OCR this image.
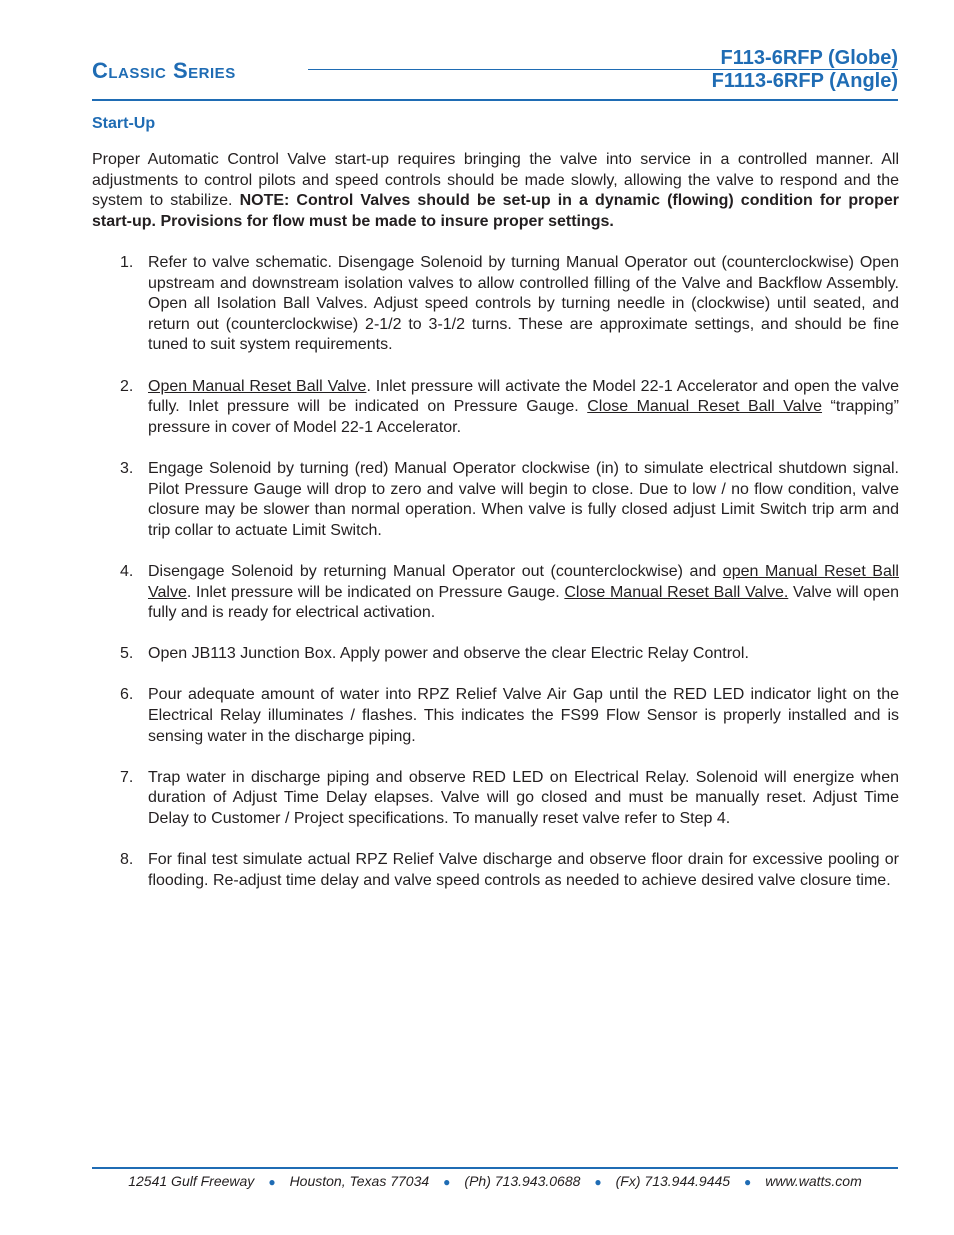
Classic Series	F113-6RFP (Globe)
F1113-6RFP (Angle)
Start-Up

Proper Automatic Control Valve start-up requires bringing the valve into service in a controlled manner. All adjustments to control pilots and speed controls should be made slowly, allowing the valve to respond and the system to stabilize. NOTE: Control Valves should be set-up in a dynamic (flowing) condition for proper start-up. Provisions for flow must be made to insure proper settings.

1. Refer to valve schematic. Disengage Solenoid by turning Manual Operator out (counterclockwise) Open upstream and downstream isolation valves to allow controlled filling of the Valve and Backflow Assembly. Open all Isolation Ball Valves. Adjust speed controls by turning needle in (clockwise) until seated, and return out (counterclockwise) 2-1/2 to 3-1/2 turns. These are approximate settings, and should be fine tuned to suit system requirements.
2. Open Manual Reset Ball Valve. Inlet pressure will activate the Model 22-1 Accelerator and open the valve fully. Inlet pressure will be indicated on Pressure Gauge. Close Manual Reset Ball Valve “trapping” pressure in cover of Model 22-1 Accelerator.
3. Engage Solenoid by turning (red) Manual Operator clockwise (in) to simulate electrical shutdown signal. Pilot Pressure Gauge will drop to zero and valve will begin to close. Due to low / no flow condition, valve closure may be slower than normal operation. When valve is fully closed adjust Limit Switch trip arm and trip collar to actuate Limit Switch.
4. Disengage Solenoid by returning Manual Operator out (counterclockwise) and open Manual Reset Ball Valve. Inlet pressure will be indicated on Pressure Gauge. Close Manual Reset Ball Valve. Valve will open fully and is ready for electrical activation.
5. Open JB113 Junction Box. Apply power and observe the clear Electric Relay Control.
6. Pour adequate amount of water into RPZ Relief Valve Air Gap until the RED LED indicator light on the Electrical Relay illuminates / flashes. This indicates the FS99 Flow Sensor is properly installed and is sensing water in the discharge piping.
7. Trap water in discharge piping and observe RED LED on Electrical Relay. Solenoid will energize when duration of Adjust Time Delay elapses. Valve will go closed and must be manually reset. Adjust Time Delay to Customer / Project specifications. To manually reset valve refer to Step 4.
8. For final test simulate actual RPZ Relief Valve discharge and observe floor drain for excessive pooling or flooding. Re-adjust time delay and valve speed controls as needed to achieve desired valve closure time.
12541 Gulf Freeway ● Houston, Texas 77034 ● (Ph) 713.943.0688 ● (Fx) 713.944.9445 ● www.watts.com
